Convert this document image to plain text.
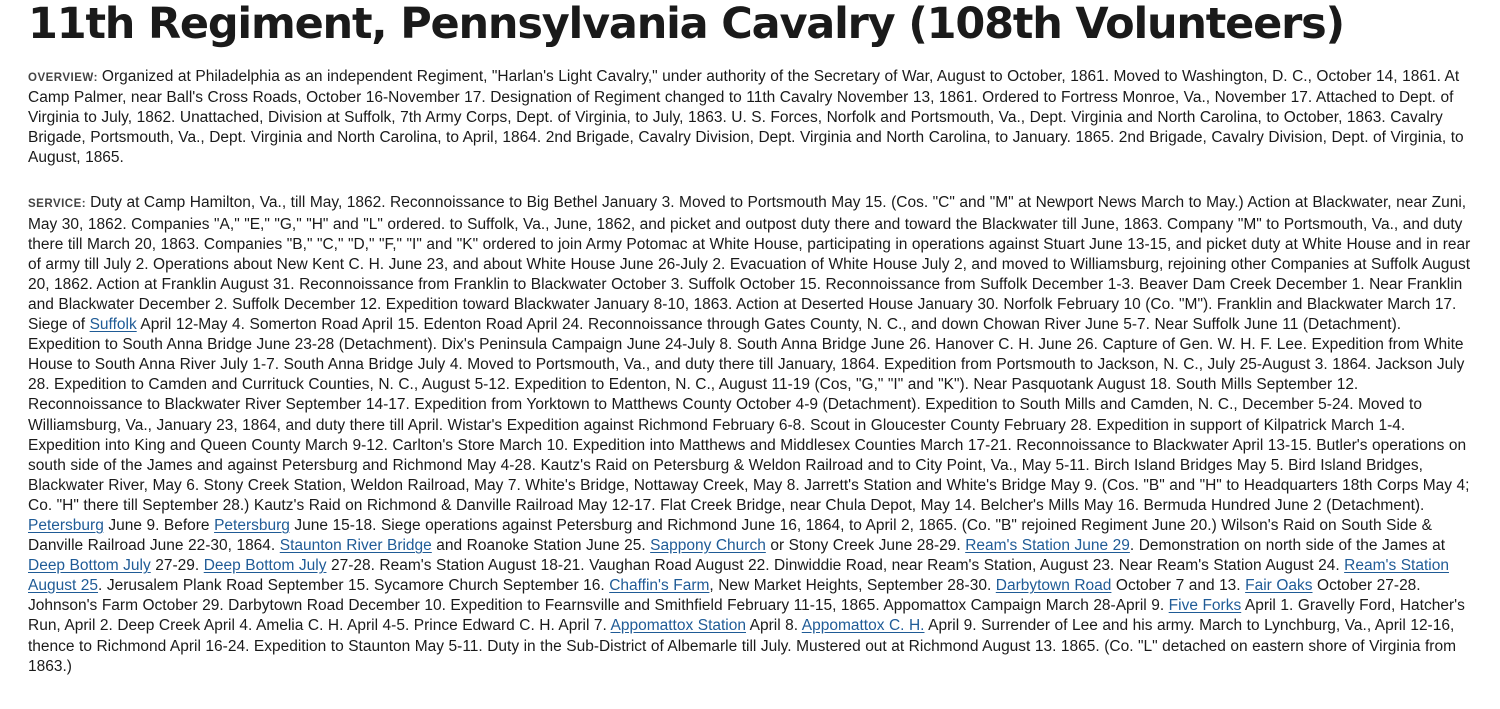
11th Regiment, Pennsylvania Cavalry (108th Volunteers)

OVERVIEW: Organized at Philadelphia as an independent Regiment, "Harlan's Light Cavalry," under authority of the Secretary of War, August to October, 1861. Moved to Washington, D. C., October 14, 1861. At Camp Palmer, near Ball's Cross Roads, October 16-November 17. Designation of Regiment changed to 11th Cavalry November 13, 1861. Ordered to Fortress Monroe, Va., November 17. Attached to Dept. of Virginia to July, 1862. Unattached, Division at Suffolk, 7th Army Corps, Dept. of Virginia, to July, 1863. U. S. Forces, Norfolk and Portsmouth, Va., Dept. Virginia and North Carolina, to October, 1863. Cavalry Brigade, Portsmouth, Va., Dept. Virginia and North Carolina, to April, 1864. 2nd Brigade, Cavalry Division, Dept. Virginia and North Carolina, to January. 1865. 2nd Brigade, Cavalry Division, Dept. of Virginia, to August, 1865.

SERVICE: Duty at Camp Hamilton, Va., till May, 1862. Reconnoissance to Big Bethel January 3. Moved to Portsmouth May 15. (Cos. "C" and "M" at Newport News March to May.) Action at Blackwater, near Zuni, May 30, 1862. Companies "A," "E," "G," "H" and "L" ordered. to Suffolk, Va., June, 1862, and picket and outpost duty there and toward the Blackwater till June, 1863. Company "M" to Portsmouth, Va., and duty there till March 20, 1863. Companies "B," "C," "D," "F," "I" and "K" ordered to join Army Potomac at White House, participating in operations against Stuart June 13-15, and picket duty at White House and in rear of army till July 2. Operations about New Kent C. H. June 23, and about White House June 26-July 2. Evacuation of White House July 2, and moved to Williamsburg, rejoining other Companies at Suffolk August 20, 1862. Action at Franklin August 31. Reconnoissance from Franklin to Blackwater October 3. Suffolk October 15. Reconnoissance from Suffolk December 1-3. Beaver Dam Creek December 1. Near Franklin and Blackwater December 2. Suffolk December 12. Expedition toward Blackwater January 8-10, 1863. Action at Deserted House January 30. Norfolk February 10 (Co. "M"). Franklin and Blackwater March 17. Siege of Suffolk April 12-May 4. Somerton Road April 15. Edenton Road April 24. Reconnoissance through Gates County, N. C., and down Chowan River June 5-7. Near Suffolk June 11 (Detachment). Expedition to South Anna Bridge June 23-28 (Detachment). Dix's Peninsula Campaign June 24-July 8. South Anna Bridge June 26. Hanover C. H. June 26. Capture of Gen. W. H. F. Lee. Expedition from White House to South Anna River July 1-7. South Anna Bridge July 4. Moved to Portsmouth, Va., and duty there till January, 1864. Expedition from Portsmouth to Jackson, N. C., July 25-August 3. 1864. Jackson July 28. Expedition to Camden and Currituck Counties, N. C., August 5-12. Expedition to Edenton, N. C., August 11-19 (Cos, "G," "I" and "K"). Near Pasquotank August 18. South Mills September 12. Reconnoissance to Blackwater River September 14-17. Expedition from Yorktown to Matthews County October 4-9 (Detachment). Expedition to South Mills and Camden, N. C., December 5-24. Moved to Williamsburg, Va., January 23, 1864, and duty there till April. Wistar's Expedition against Richmond February 6-8. Scout in Gloucester County February 28. Expedition in support of Kilpatrick March 1-4. Expedition into King and Queen County March 9-12. Carlton's Store March 10. Expedition into Matthews and Middlesex Counties March 17-21. Reconnoissance to Blackwater April 13-15. Butler's operations on south side of the James and against Petersburg and Richmond May 4-28. Kautz's Raid on Petersburg & Weldon Railroad and to City Point, Va., May 5-11. Birch Island Bridges May 5. Bird Island Bridges, Blackwater River, May 6. Stony Creek Station, Weldon Railroad, May 7. White's Bridge, Nottaway Creek, May 8. Jarrett's Station and White's Bridge May 9. (Cos. "B" and "H" to Headquarters 18th Corps May 4; Co. "H" there till September 28.) Kautz's Raid on Richmond & Danville Railroad May 12-17. Flat Creek Bridge, near Chula Depot, May 14. Belcher's Mills May 16. Bermuda Hundred June 2 (Detachment). Petersburg June 9. Before Petersburg June 15-18. Siege operations against Petersburg and Richmond June 16, 1864, to April 2, 1865. (Co. "B" rejoined Regiment June 20.) Wilson's Raid on South Side & Danville Railroad June 22-30, 1864. Staunton River Bridge and Roanoke Station June 25. Sappony Church or Stony Creek June 28-29. Ream's Station June 29. Demonstration on north side of the James at Deep Bottom July 27-29. Deep Bottom July 27-28. Ream's Station August 18-21. Vaughan Road August 22. Dinwiddie Road, near Ream's Station, August 23. Near Ream's Station August 24. Ream's Station August 25. Jerusalem Plank Road September 15. Sycamore Church September 16. Chaffin's Farm, New Market Heights, September 28-30. Darbytown Road October 7 and 13. Fair Oaks October 27-28. Johnson's Farm October 29. Darbytown Road December 10. Expedition to Fearnsville and Smithfield February 11-15, 1865. Appomattox Campaign March 28-April 9. Five Forks April 1. Gravelly Ford, Hatcher's Run, April 2. Deep Creek April 4. Amelia C. H. April 4-5. Prince Edward C. H. April 7. Appomattox Station April 8. Appomattox C. H. April 9. Surrender of Lee and his army. March to Lynchburg, Va., April 12-16, thence to Richmond April 16-24. Expedition to Staunton May 5-11. Duty in the Sub-District of Albemarle till July. Mustered out at Richmond August 13. 1865. (Co. "L" detached on eastern shore of Virginia from 1863.)
